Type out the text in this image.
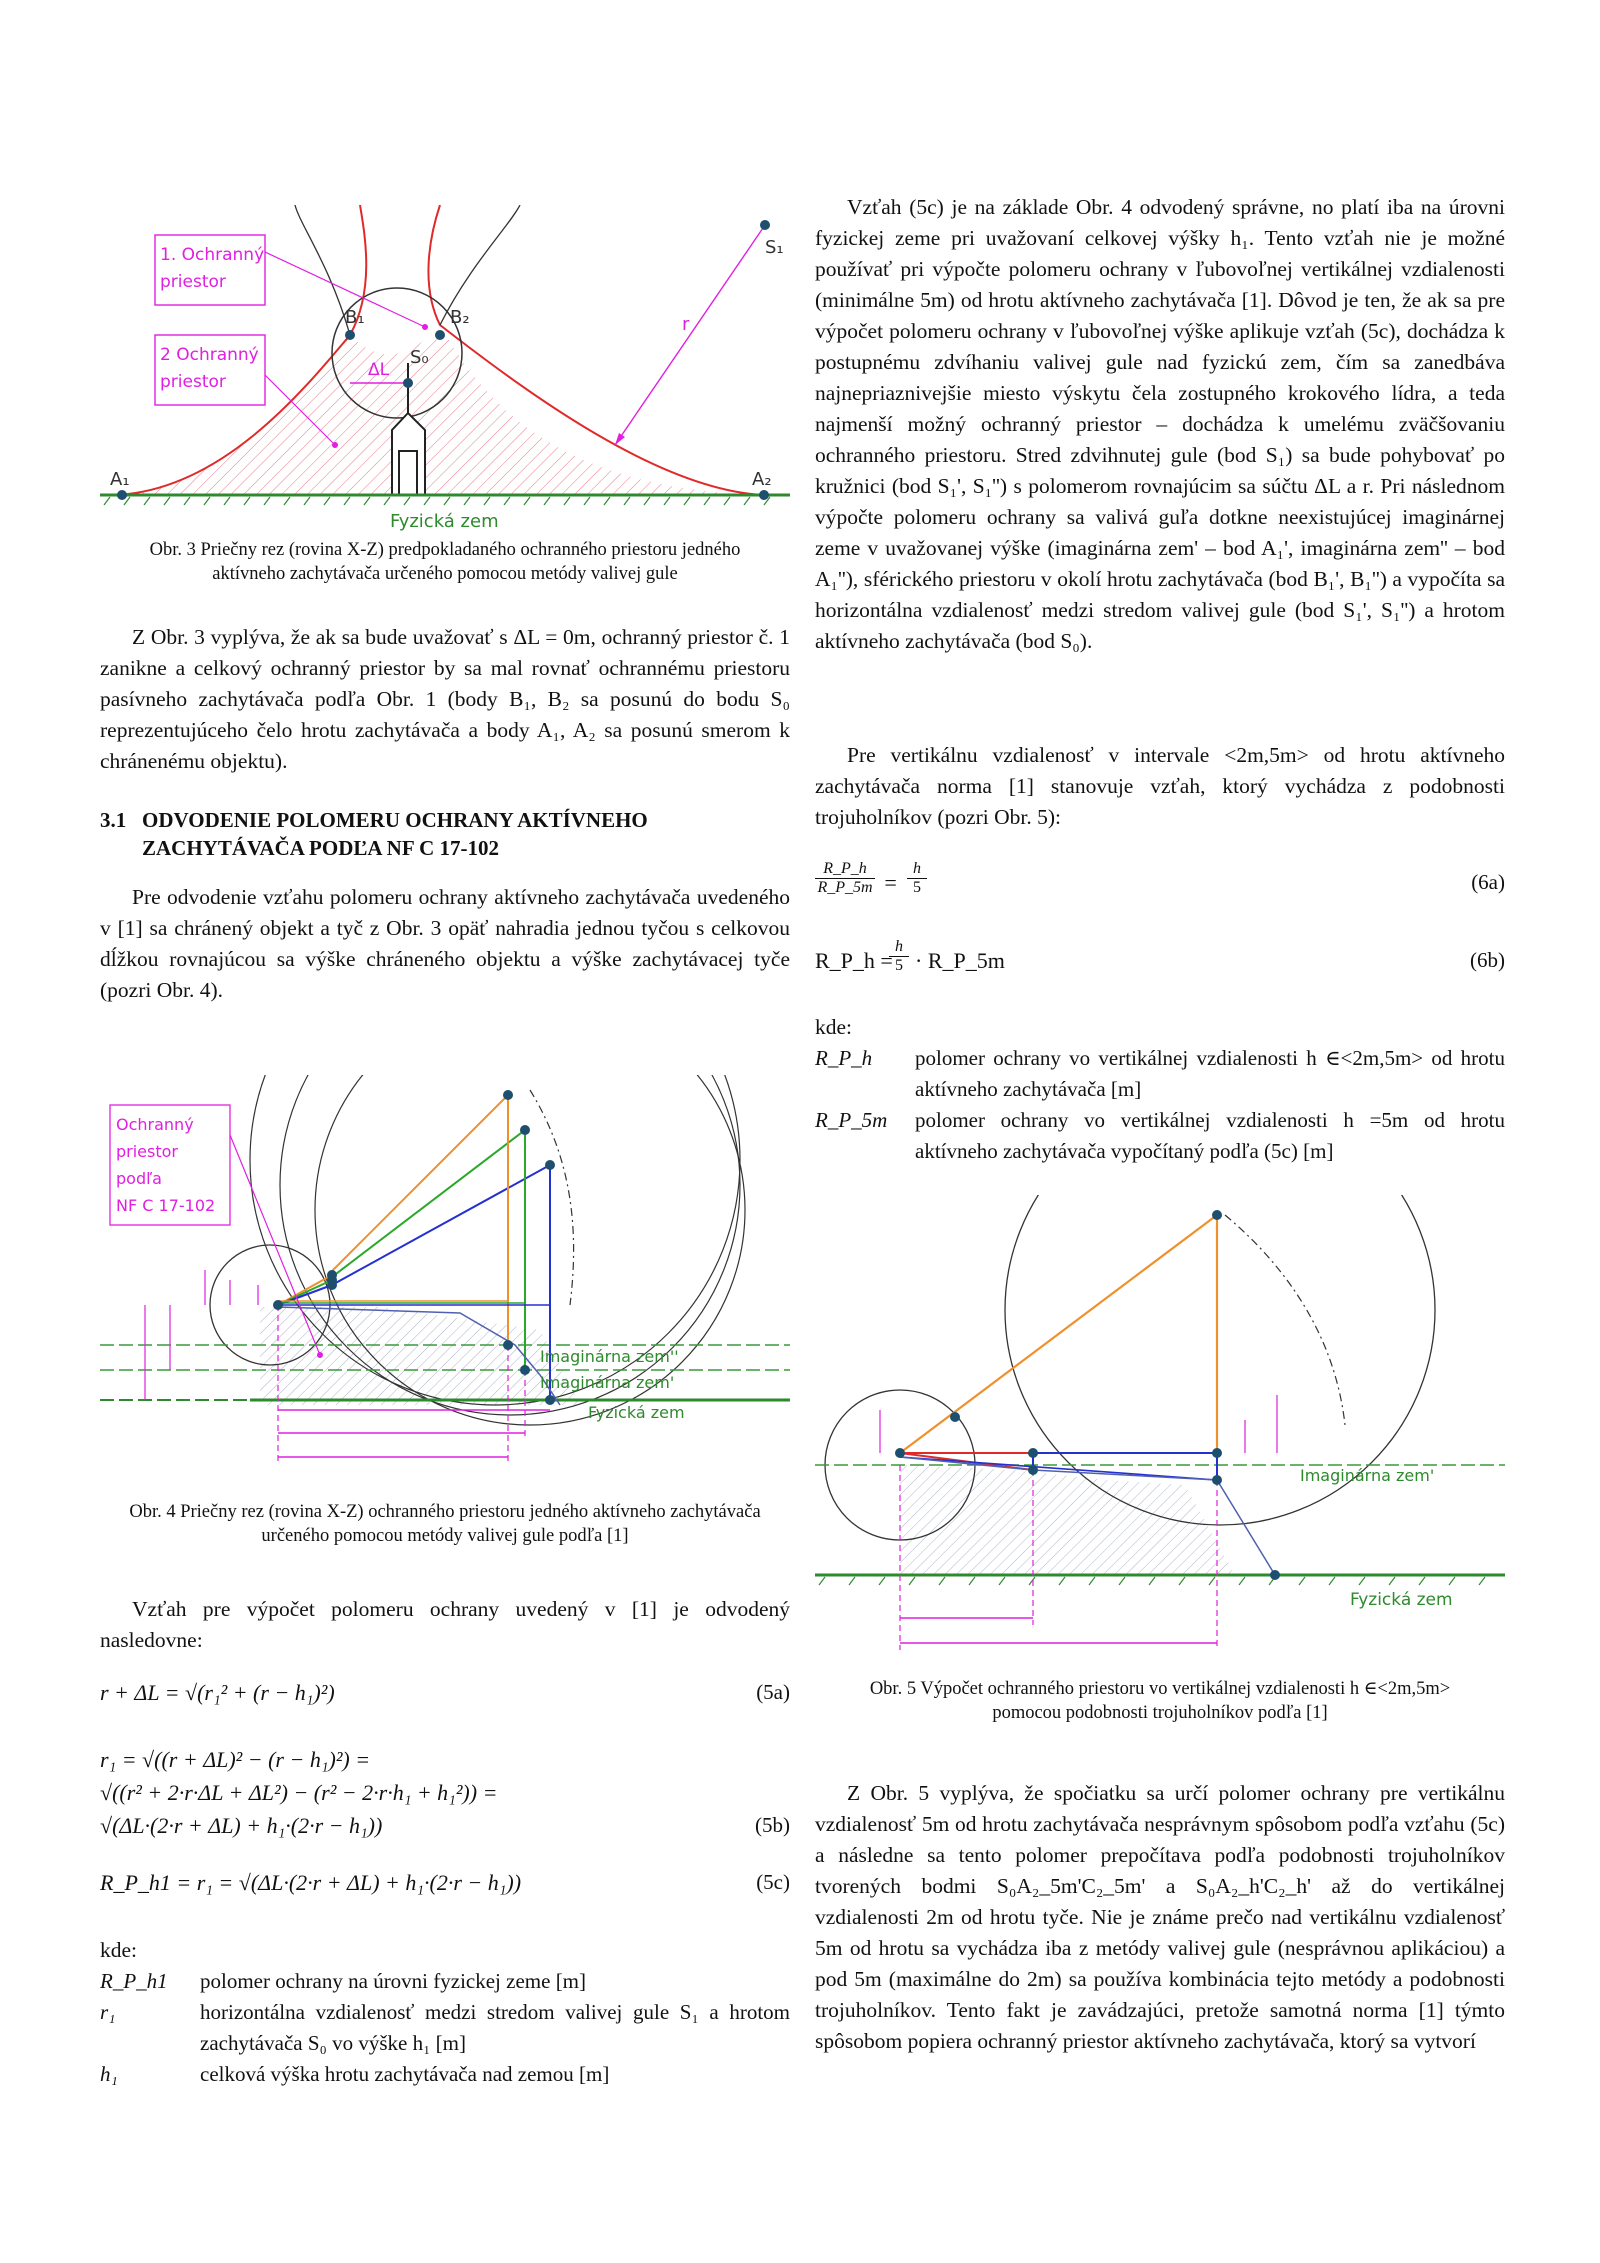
1. Ochranný
priestor
2 Ochranný
priestor
S₁
B₁	B₂
S₀
A₁	A₂
r
ΔL
Fyzická zem
Obr. 3 Priečny rez (rovina X-Z) predpokladaného ochranného priestoru jedného aktívneho zachytávača určeného pomocou metódy valivej gule

Z Obr. 3 vyplýva, že ak sa bude uvažovať s ΔL = 0m, ochranný priestor č. 1 zanikne a celkový ochranný priestor by sa mal rovnať ochrannému priestoru pasívneho zachytávača podľa Obr. 1 (body B₁, B₂ sa posunú do bodu S₀ reprezentujúceho čelo hrotu zachytávača a body A₁, A₂ sa posunú smerom k chránenému objektu).

3.1 ODVODENIE POLOMERU OCHRANY AKTÍVNEHO ZACHYTÁVAČA PODĽA NF C 17-102

Pre odvodenie vzťahu polomeru ochrany aktívneho zachytávača uvedeného v [1] sa chránený objekt a tyč z Obr. 3 opäť nahradia jednou tyčou s celkovou dĺžkou rovnajúcou sa výške chráneného objektu a výške zachytávacej tyče (pozri Obr. 4).

Ochranný
priestor
podľa
NF C 17-102
Imaginárna zem''
Imaginárna zem'
Fyzická zem
Obr. 4 Priečny rez (rovina X-Z) ochranného priestoru jedného aktívneho zachytávača určeného pomocou metódy valivej gule podľa [1]

Vzťah pre výpočet polomeru ochrany uvedený v [1] je odvodený nasledovne:

r + ΔL = √(r₁² + (r − h₁)²)	(5a)
r₁ = √((r + ΔL)² − (r − h₁)²) =
√((r² + 2·r·ΔL + ΔL²) − (r² − 2·r·h₁ + h₁²)) =
√(ΔL·(2·r + ΔL) + h₁·(2·r − h₁))	(5b)
R_P_h1 = r₁ = √(ΔL·(2·r + ΔL) + h₁·(2·r − h₁))	(5c)

kde:

R_P_h1 polomer ochrany na úrovni fyzickej zeme [m]
r₁	horizontálna vzdialenosť medzi stredom valivej gule S₁ a hrotom zachytávača S₀ vo výške h₁ [m]
h₁	celková výška hrotu zachytávača nad zemou [m]

Vzťah (5c) je na základe Obr. 4 odvodený správne, no platí iba na úrovni fyzickej zeme pri uvažovaní celkovej výšky h₁. Tento vzťah nie je možné používať pri výpočte polomeru ochrany v ľubovoľnej vertikálnej vzdialenosti (minimálne 5m) od hrotu aktívneho zachytávača [1]. Dôvod je ten, že ak sa pre výpočet polomeru ochrany v ľubovoľnej výške aplikuje vzťah (5c), dochádza k postupnému zdvíhaniu valivej gule nad fyzickú zem, čím sa zanedbáva najnepriaznivejšie miesto výskytu čela zostupného krokového lídra, a teda najmenší možný ochranný priestor – dochádza k umelému zväčšovaniu ochranného priestoru. Stred zdvihnutej gule (bod S₁) sa bude pohybovať po kružnici (bod S₁', S₁'') s polomerom rovnajúcim sa súčtu ΔL a r. Pri následnom výpočte polomeru ochrany sa valivá guľa dotkne neexistujúcej imaginárnej zeme v uvažovanej výške (imaginárna zem' – bod A₁', imaginárna zem'' – bod A₁''), sférického priestoru v okolí hrotu zachytávača (bod B₁', B₁'') a vypočíta sa horizontálna vzdialenosť medzi stredom valivej gule (bod S₁', S₁'') a hrotom aktívneho zachytávača (bod S₀).

Pre vertikálnu vzdialenosť v intervale <2m,5m> od hrotu aktívneho zachytávača norma [1] stanovuje vzťah, ktorý vychádza z podobnosti trojuholníkov (pozri Obr. 5):

$\frac{R\_P\_h}{R\_P\_5m}$ =
h
5	(6a)
R_P_h =
$\frac{h}{5}$ · R_P_5m	(6b)

kde:

R_P_h polomer ochrany vo vertikálnej vzdialenosti h ∈<2m,5m> od hrotu aktívneho zachytávača [m]
R_P_5m polomer ochrany vo vertikálnej vzdialenosti h =5m od hrotu aktívneho zachytávača vypočítaný podľa (5c) [m]
Imaginárna zem'
Fyzická zem
Obr. 5 Výpočet ochranného priestoru vo vertikálnej vzdialenosti h ∈<2m,5m> pomocou podobnosti trojuholníkov podľa [1]

Z Obr. 5 vyplýva, že spočiatku sa určí polomer ochrany pre vertikálnu vzdialenosť 5m od hrotu zachytávača nesprávnym spôsobom podľa vzťahu (5c) a následne sa tento polomer prepočítava podľa podobnosti trojuholníkov tvorených bodmi S₀A₂_5m'C₂_5m' a S₀A₂_h'C₂_h' až do vertikálnej vzdialenosti 2m od hrotu tyče. Nie je známe prečo nad vertikálnu vzdialenosť 5m od hrotu sa vychádza iba z metódy valivej gule (nesprávnou aplikáciou) a pod 5m (maximálne do 2m) sa používa kombinácia tejto metódy a podobnosti trojuholníkov. Tento fakt je zavádzajúci, pretože samotná norma [1] týmto spôsobom popiera ochranný priestor aktívneho zachytávača, ktorý sa vytvorí
